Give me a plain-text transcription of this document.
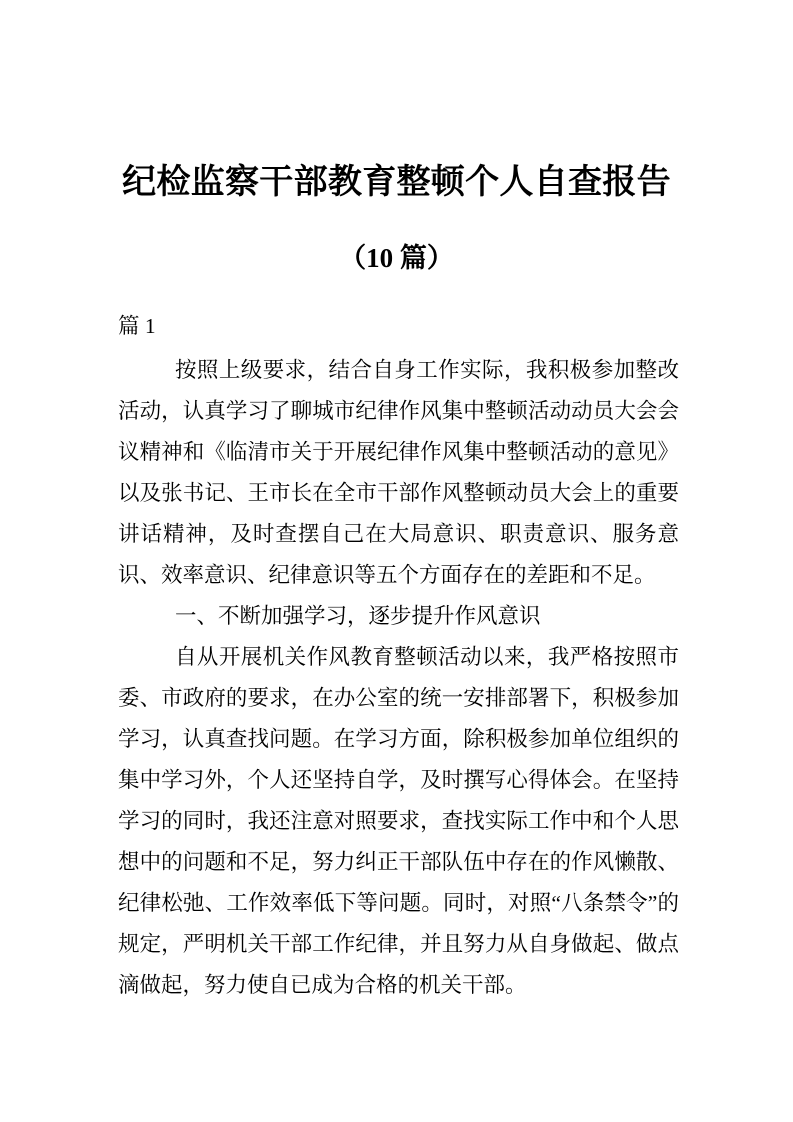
纪检监察干部教育整顿个人自查报告
（10 篇）
篇 1

按照上级要求，结合自身工作实际，我积极参加整改活动，认真学习了聊城市纪律作风集中整顿活动动员大会会议精神和《临清市关于开展纪律作风集中整顿活动的意见》以及张书记、王市长在全市干部作风整顿动员大会上的重要讲话精神，及时查摆自己在大局意识、职责意识、服务意识、效率意识、纪律意识等五个方面存在的差距和不足。

一、不断加强学习，逐步提升作风意识

自从开展机关作风教育整顿活动以来，我严格按照市委、市政府的要求，在办公室的统一安排部署下，积极参加学习，认真查找问题。在学习方面，除积极参加单位组织的集中学习外，个人还坚持自学，及时撰写心得体会。在坚持学习的同时，我还注意对照要求，查找实际工作中和个人思想中的问题和不足，努力纠正干部队伍中存在的作风懒散、纪律松弛、工作效率低下等问题。同时，对照“八条禁令”的规定，严明机关干部工作纪律，并且努力从自身做起、做点滴做起，努力使自已成为合格的机关干部。
